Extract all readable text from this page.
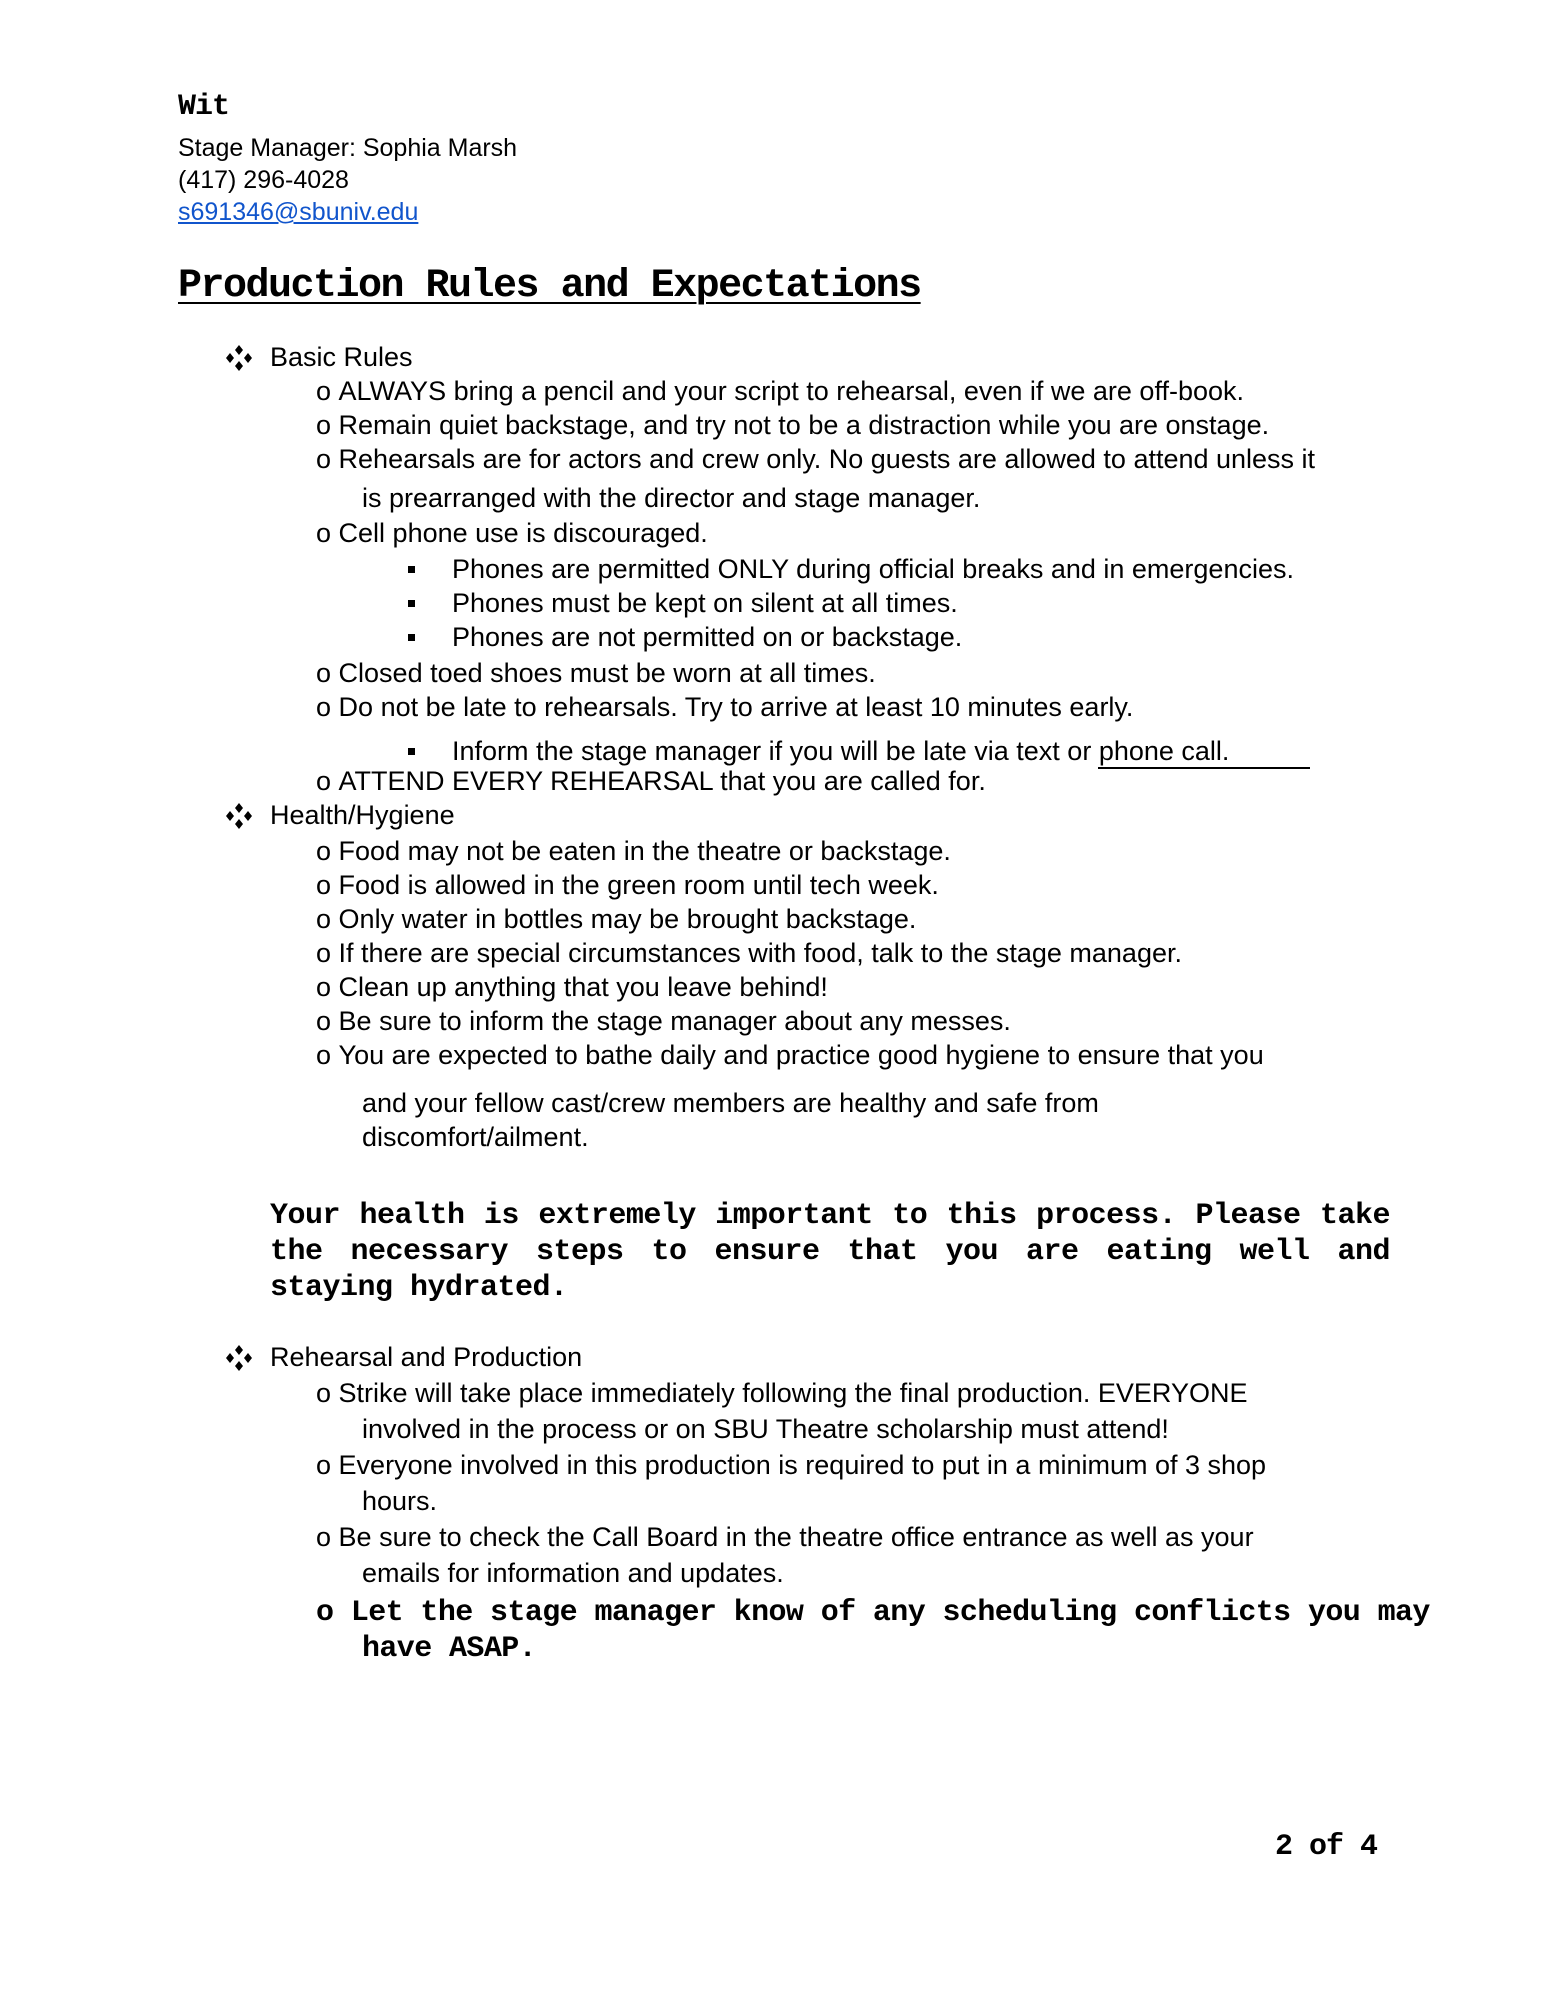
Wit
Stage Manager: Sophia Marsh
(417) 296-4028
s691346@sbuniv.edu
Production Rules and Expectations
Basic Rules
o ALWAYS bring a pencil and your script to rehearsal, even if we are off-book.
o Remain quiet backstage, and try not to be a distraction while you are onstage.
o Rehearsals are for actors and crew only. No guests are allowed to attend unless it
is prearranged with the director and stage manager.
o Cell phone use is discouraged.
Phones are permitted ONLY during official breaks and in emergencies.
Phones must be kept on silent at all times.
Phones are not permitted on or backstage.
o Closed toed shoes must be worn at all times.
o Do not be late to rehearsals. Try to arrive at least 10 minutes early.
Inform the stage manager if you will be late via text or phone call.
o ATTEND EVERY REHEARSAL that you are called for.
Health/Hygiene
o Food may not be eaten in the theatre or backstage.
o Food is allowed in the green room until tech week.
o Only water in bottles may be brought backstage.
o If there are special circumstances with food, talk to the stage manager.
o Clean up anything that you leave behind!
o Be sure to inform the stage manager about any messes.
o You are expected to bathe daily and practice good hygiene to ensure that you
and your fellow cast/crew members are healthy and safe from
discomfort/ailment.
Your health is extremely important to this process. Please take the necessary steps to ensure that you are eating well and staying hydrated.
Rehearsal and Production
o Strike will take place immediately following the final production. EVERYONE
involved in the process or on SBU Theatre scholarship must attend!
o Everyone involved in this production is required to put in a minimum of 3 shop
hours.
o Be sure to check the Call Board in the theatre office entrance as well as your
emails for information and updates.
o Let the stage manager know of any scheduling conflicts you may
have ASAP.
2 of 4
